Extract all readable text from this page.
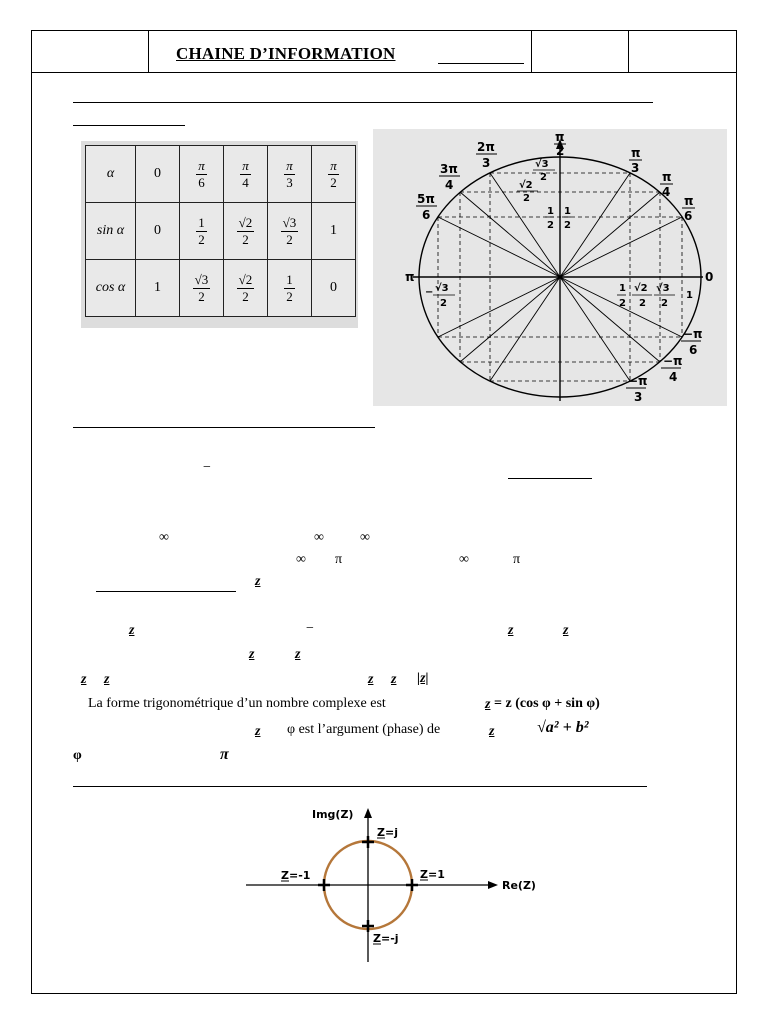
CHAINE D’INFORMATION
α	0	$\frac{\pi}{6}$	$\frac{\pi}{4}$	$\frac{\pi}{3}$	$\frac{\pi}{2}$

sin α	0	$\frac{1}{2}$	$\frac{√2}{2}$	$\frac{√3}{2}$	1
cos α	1	$\frac{√3}{2}$	$\frac{√2}{2}$	$\frac{1}{2}$	0
π
2
2π
3
3π
4
5π
6
π
3
π
4
π
6
√3
2
√2
2
1
2
1
2
π	0
− √3
2
1
2
√2
2
√3
2
1
−π
6
−π
4
−π
3
−
∞	∞	∞
∞ π	∞	π
z
z	−	z	z
z	z
z z	z z |z|
La forme trigonométrique d’un nombre complexe est	z = z (cos φ + sin φ)
z φ est l’argument (phase) de	z	√a² + b²
φ	π
Img(Z)
Re(Z)
Z=j
Z=-1	Z=1
Z=-j
